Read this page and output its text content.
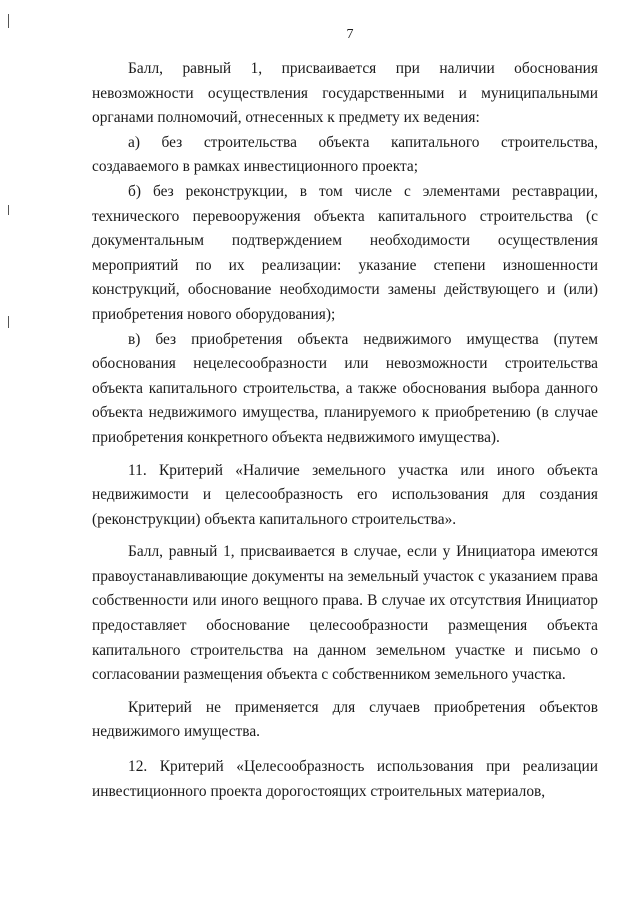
7

Балл, равный 1, присваивается при наличии обоснования невозможности осуществления государственными и муниципальными органами полномочий, отнесенных к предмету их ведения:

а) без строительства объекта капитального строительства, создаваемого в рамках инвестиционного проекта;

б) без реконструкции, в том числе с элементами реставрации, технического перевооружения объекта капитального строительства (с документальным подтверждением необходимости осуществления мероприятий по их реализации: указание степени изношенности конструкций, обоснование необходимости замены действующего и (или) приобретения нового оборудования);

в) без приобретения объекта недвижимого имущества (путем обоснования нецелесообразности или невозможности строительства объекта капитального строительства, а также обоснования выбора данного объекта недвижимого имущества, планируемого к приобретению (в случае приобретения конкретного объекта недвижимого имущества).

11. Критерий «Наличие земельного участка или иного объекта недвижимости и целесообразность его использования для создания (реконструкции) объекта капитального строительства».

Балл, равный 1, присваивается в случае, если у Инициатора имеются правоустанавливающие документы на земельный участок с указанием права собственности или иного вещного права. В случае их отсутствия Инициатор предоставляет обоснование целесообразности размещения объекта капитального строительства на данном земельном участке и письмо о согласовании размещения объекта с собственником земельного участка.

Критерий не применяется для случаев приобретения объектов недвижимого имущества.

12. Критерий «Целесообразность использования при реализации инвестиционного проекта дорогостоящих строительных материалов,
